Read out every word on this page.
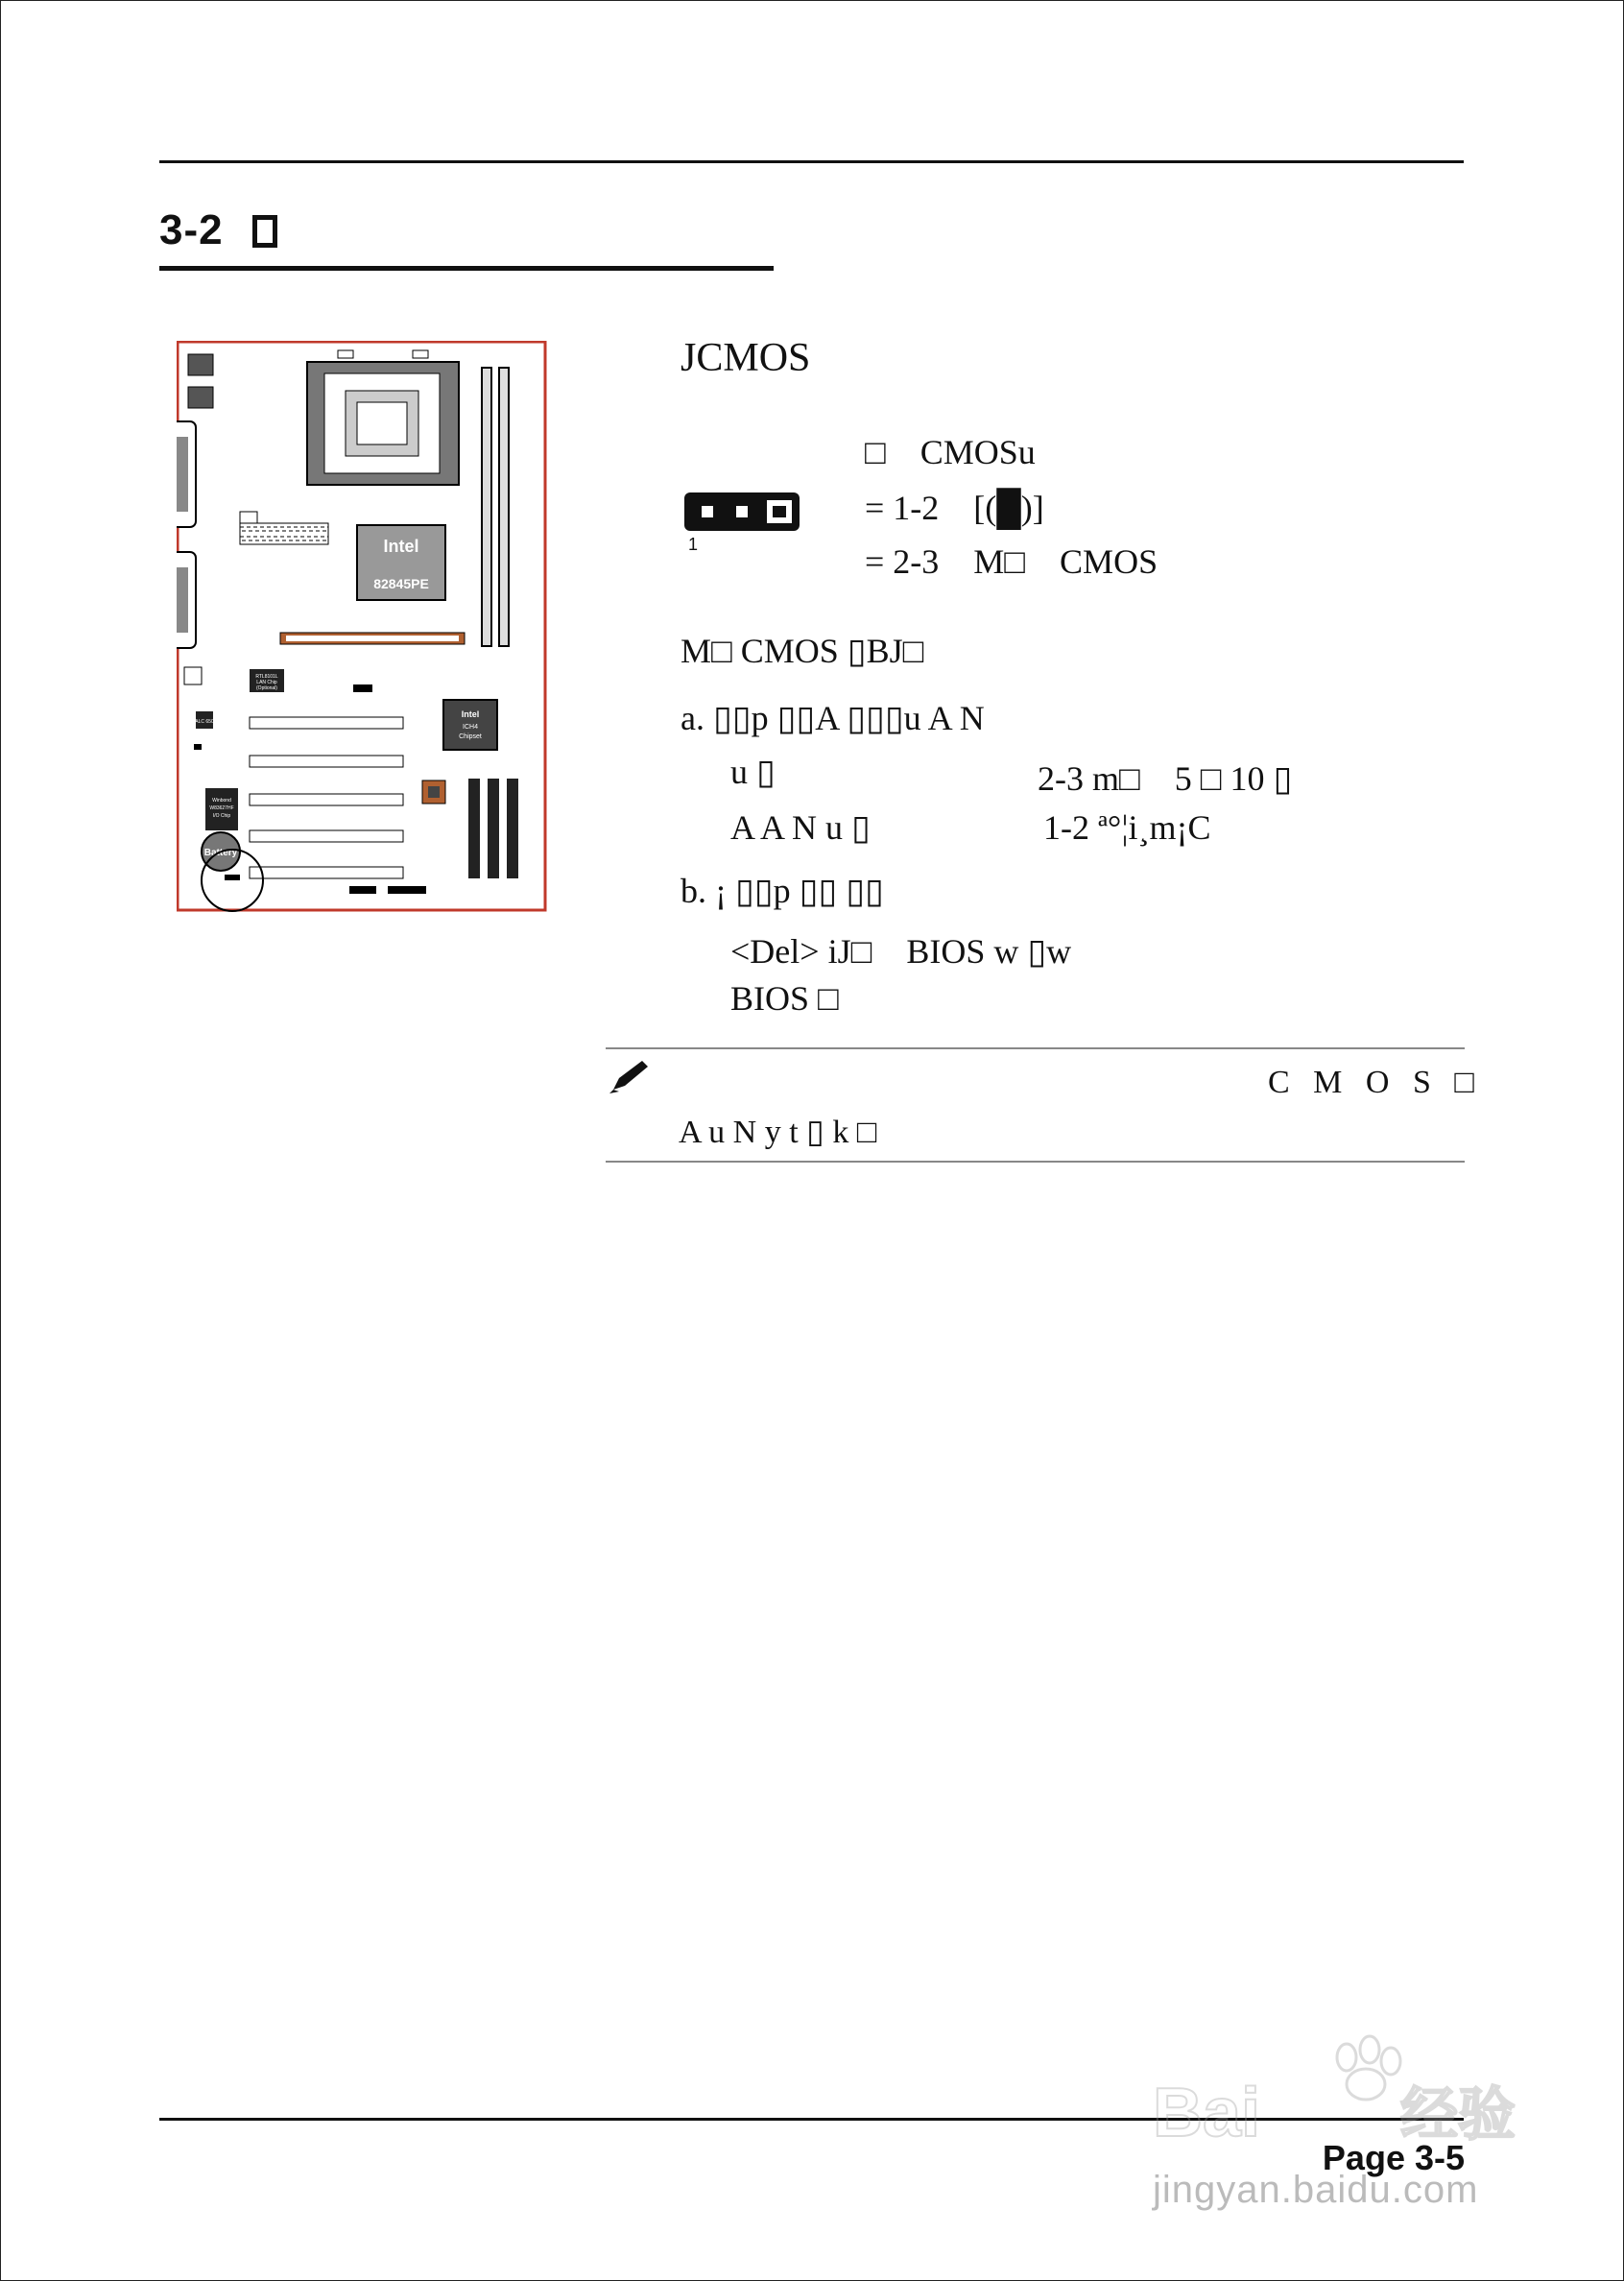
3-2
Intel
82845PE
RTL8101L
LAN Chip
(Optional)
ALC 650
Intel
ICH4
Chipset
Winbond
W83627HF
I/O Chip
Battery
JCMOS
□　CMOSu
= 1-2　[(█)]
= 2-3　M□　CMOS
1
M□ CMOS ▯BJ□
a. ▯▯p ▯▯A ▯▯▯u A N
u ▯	2-3 m□　5 □ 10 ▯
A A N u ▯	1-2 ª°¦i¸m¡C
b. ¡ ▯▯p ▯▯ ▯▯
<Del> iJ□　BIOS w ▯w
BIOS □
C M O S □
A u N y t ▯ k □
Page 3-5
Bai 经验
jingyan.baidu.com
